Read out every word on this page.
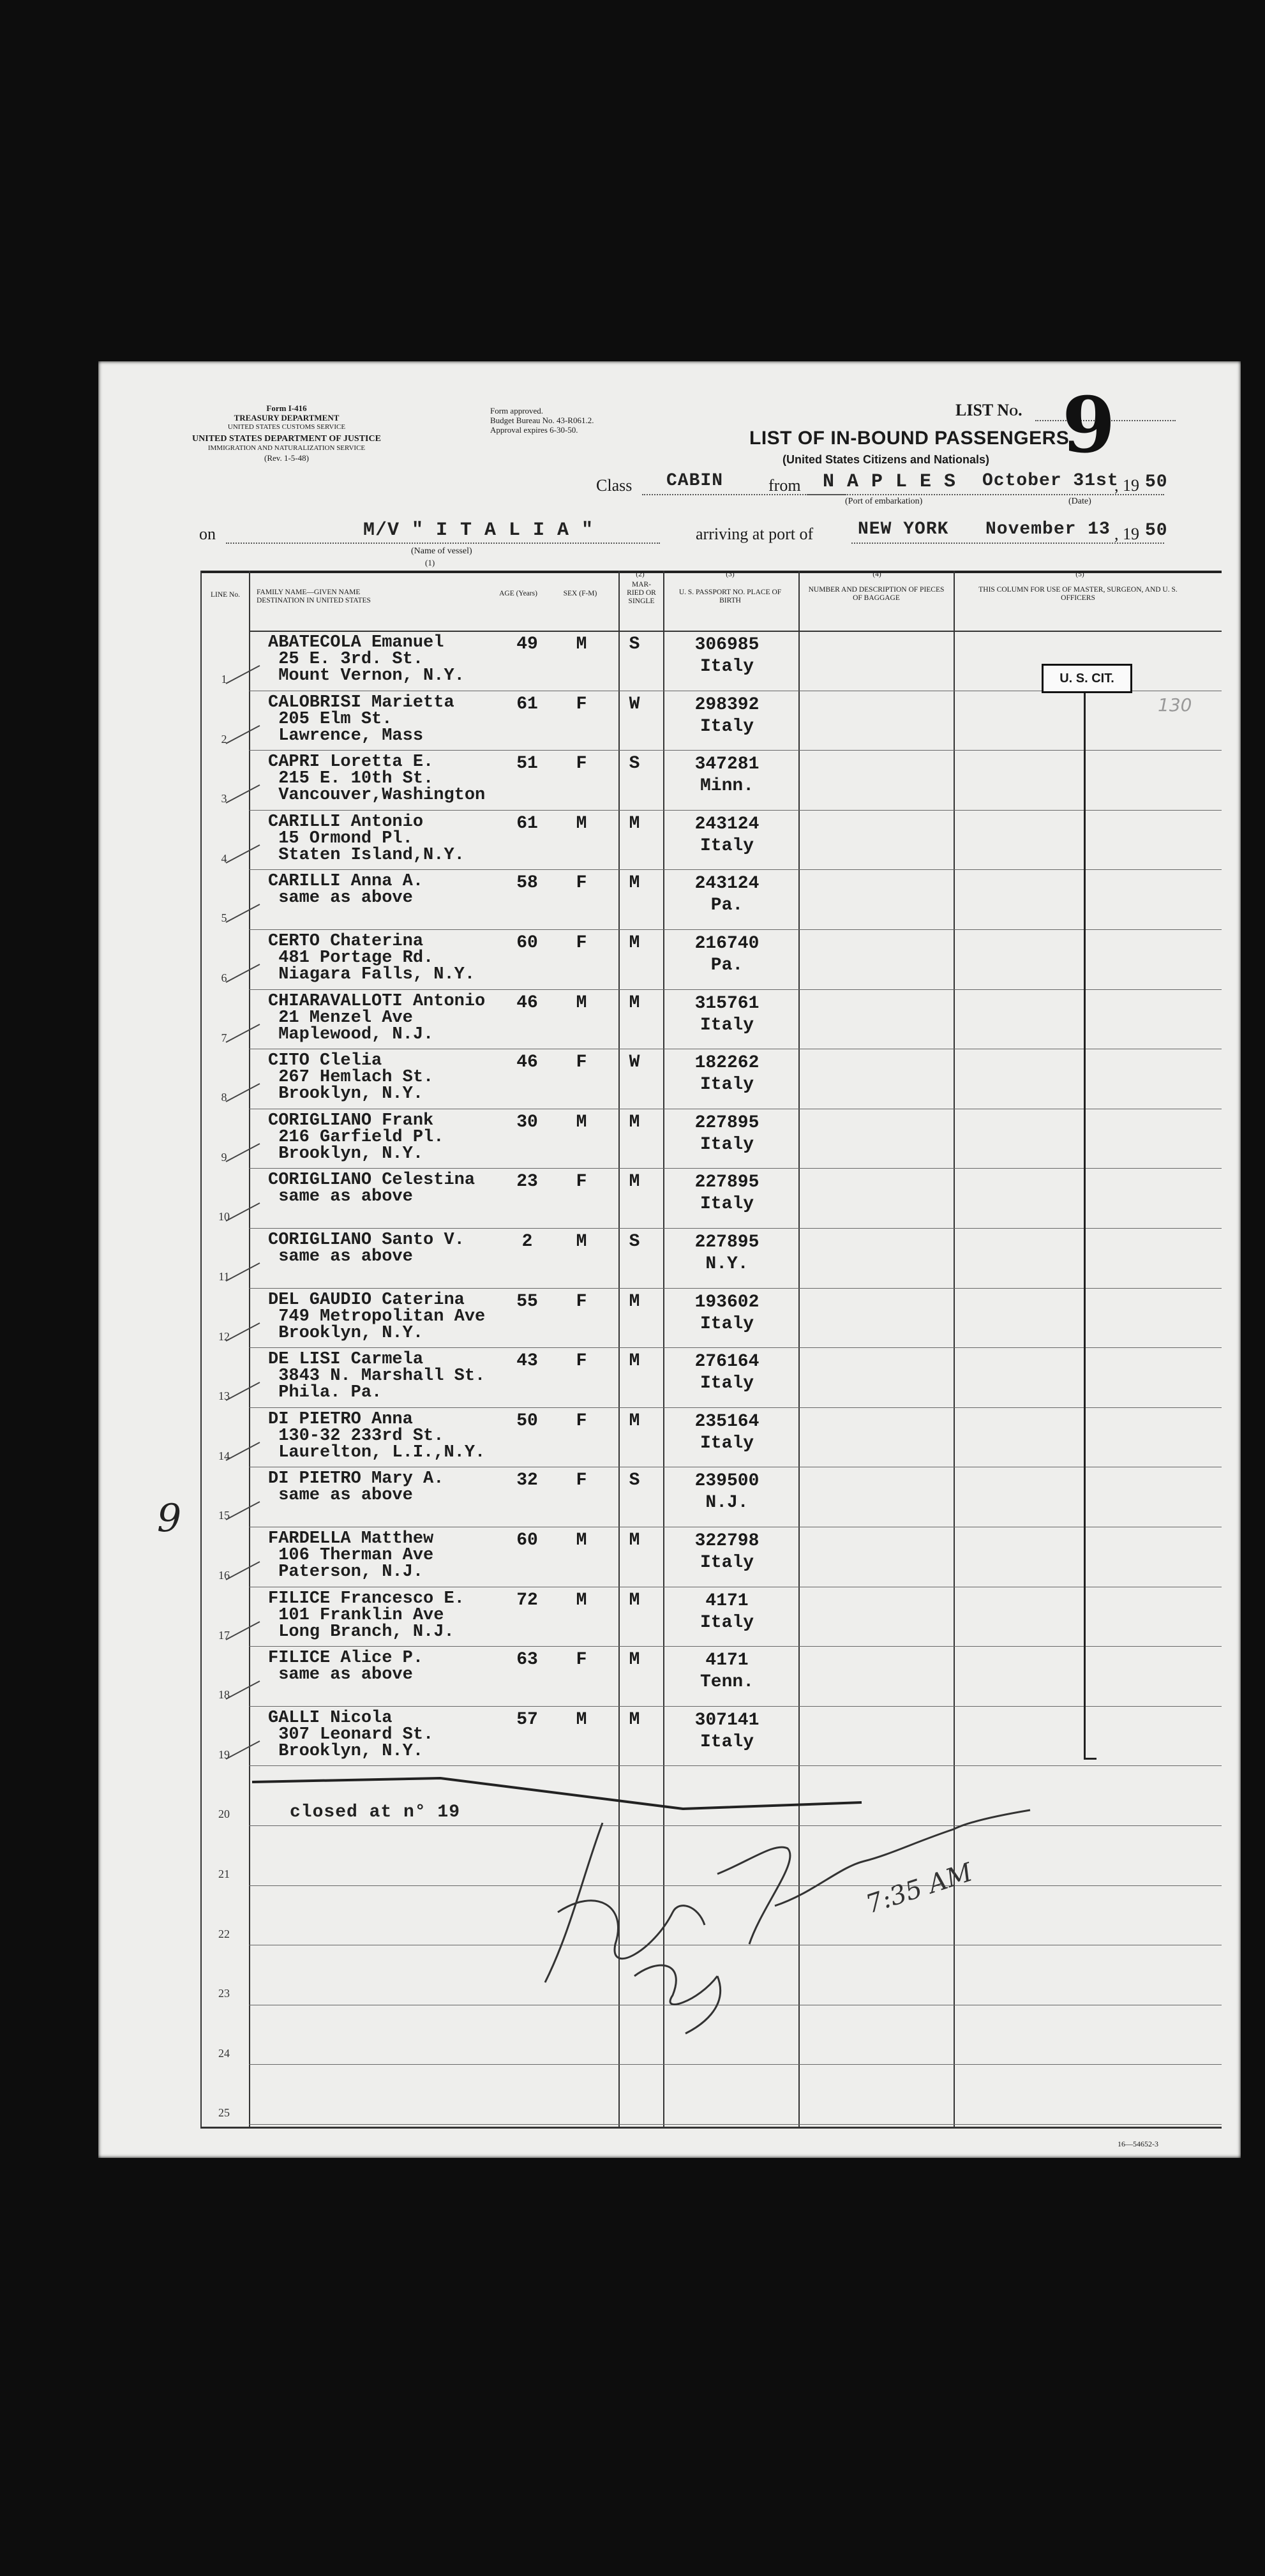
Form I-416
TREASURY DEPARTMENT
UNITED STATES CUSTOMS SERVICE
UNITED STATES DEPARTMENT OF JUSTICE
IMMIGRATION AND NATURALIZATION SERVICE
(Rev. 1-5-48)
Form approved.
Budget Bureau No. 43-R061.2.
Approval expires 6-30-50.
LIST No. 9
LIST OF IN-BOUND PASSENGERS
(United States Citizens and Nationals)
Class CABIN	from N A P L E S October 31st
, 19 50
(Port of embarkation)	(Date)
on	M/V " I T A L I A "
(Name of vessel)
(1)
arriving at port of NEW YORK November 13 , 19 50
LINE No.	FAMILY NAME—GIVEN NAME DESTINATION IN UNITED STATES
AGE (Years)	SEX (F-M)
MAR- RIED OR SINGLE
U. S. PASSPORT NO. PLACE OF BIRTH
NUMBER AND DESCRIPTION OF PIECES OF BAGGAGE
THIS COLUMN FOR USE OF MASTER, SURGEON, AND U. S. OFFICERS
(2)	(3)	(4)	(5)
1
ABATECOLA Emanuel
25 E. 3rd. St.
Mount Vernon, N.Y.
49	M	S	306985
Italy
2
CALOBRISI Marietta
205 Elm St.
Lawrence, Mass
61	F	W	298392
Italy
3
CAPRI Loretta E.
215 E. 10th St.
Vancouver,Washington
51	F	S	347281
Minn.
4
CARILLI Antonio
15 Ormond Pl.
Staten Island,N.Y.
61	M	M	243124
Italy
5
CARILLI Anna A.
same as above
58	F	M	243124
Pa.
6
CERTO Chaterina
481 Portage Rd.
Niagara Falls, N.Y.
60	F	M	216740
Pa.
7
CHIARAVALLOTI Antonio
21 Menzel Ave
Maplewood, N.J.
46	M	M	315761
Italy
8
CITO Clelia
267 Hemlach St.
Brooklyn, N.Y.
46	F	W	182262
Italy
9
CORIGLIANO Frank
216 Garfield Pl.
Brooklyn, N.Y.
30	M	M	227895
Italy
10
CORIGLIANO Celestina
same as above
23	F	M	227895
Italy
11
CORIGLIANO Santo V.
same as above
2	M	S	227895
N.Y.
12
DEL GAUDIO Caterina
749 Metropolitan Ave
Brooklyn, N.Y.
55	F	M	193602
Italy
13
DE LISI Carmela
3843 N. Marshall St.
Phila. Pa.
43	F	M	276164
Italy
14
DI PIETRO Anna
130-32 233rd St.
Laurelton, L.I.,N.Y.
50	F	M	235164
Italy
15
DI PIETRO Mary A.
same as above
32	F	S	239500
N.J.
16
FARDELLA Matthew
106 Therman Ave
Paterson, N.J.
60	M	M	322798
Italy
17
FILICE Francesco E.
101 Franklin Ave
Long Branch, N.J.
72	M	M	4171
Italy
18
FILICE Alice P.
same as above
63	F	M	4171
Tenn.
19
GALLI Nicola
307 Leonard St.
Brooklyn, N.Y.
57	M	M	307141
Italy
20
21
22
23
24
25
U. S. CIT.
130
9
closed at n° 19
7:35 AM
16—54652-3
